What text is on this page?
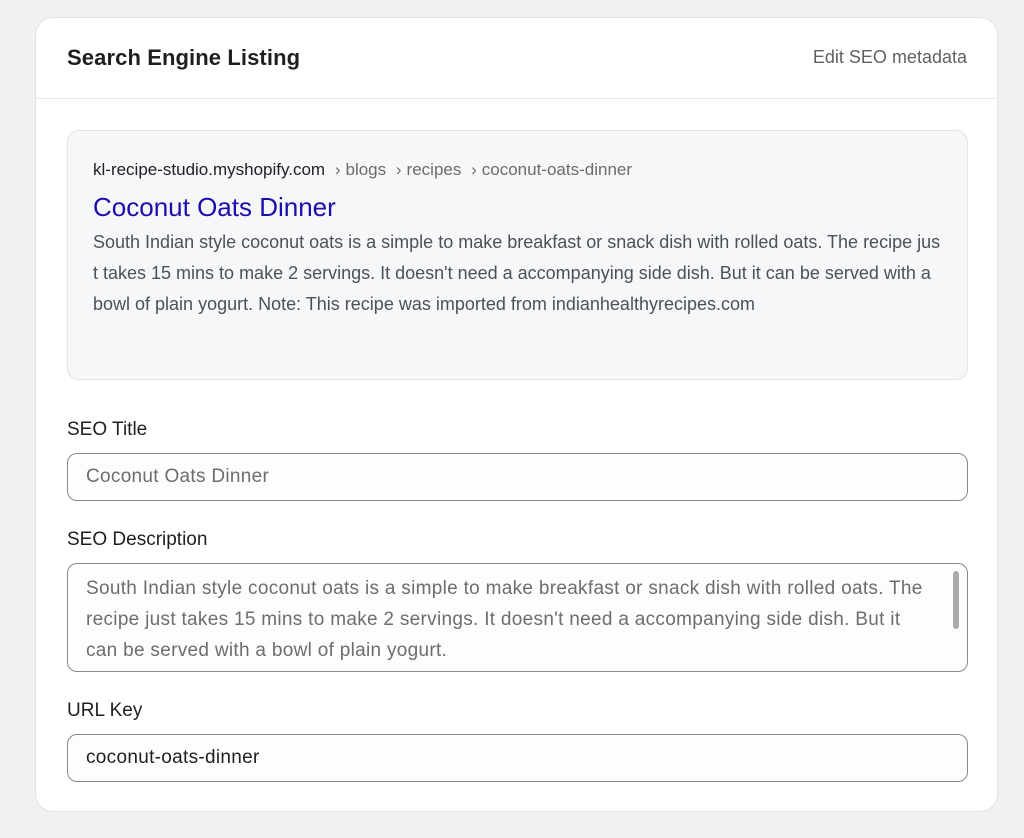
Search Engine Listing	Edit SEO metadata
kl-recipe-studio.myshopify.com › blogs › recipes › coconut-oats-dinner
Coconut Oats Dinner
South Indian style coconut oats is a simple to make breakfast or snack dish with rolled oats. The recipe just takes 15 mins to make 2 servings. It doesn't need a accompanying side dish. But it can be served with a bowl of plain yogurt. Note: This recipe was imported from indianhealthyrecipes.com
SEO Title
Coconut Oats Dinner
SEO Description
South Indian style coconut oats is a simple to make breakfast or snack dish with rolled oats. The recipe just takes 15 mins to make 2 servings. It doesn't need a accompanying side dish. But it can be served with a bowl of plain yogurt.
URL Key
coconut-oats-dinner
